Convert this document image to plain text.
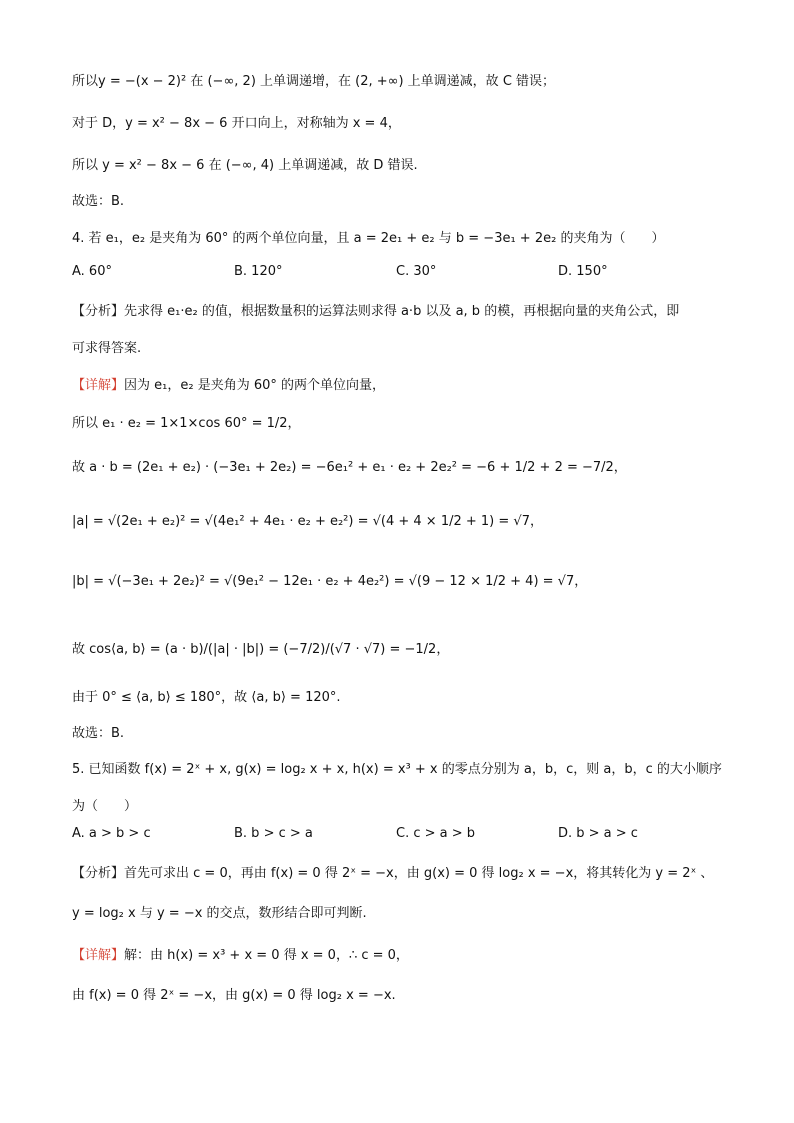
所以y = −(x − 2)² 在 (−∞, 2) 上单调递增，在 (2, +∞) 上单调递减，故 C 错误；
对于 D，y = x² − 8x − 6 开口向上，对称轴为 x = 4，
所以 y = x² − 8x − 6 在 (−∞, 4) 上单调递减，故 D 错误.
故选：B.
4. 若 e₁，e₂ 是夹角为 60° 的两个单位向量，且 a = 2e₁ + e₂ 与 b = −3e₁ + 2e₂ 的夹角为（　　）
A. 60°	B. 120°	C. 30°	D. 150°
【分析】先求得 e₁·e₂ 的值，根据数量积的运算法则求得 a·b 以及 a, b 的模，再根据向量的夹角公式，即
可求得答案.
【详解】因为 e₁，e₂ 是夹角为 60° 的两个单位向量，
所以 e₁ · e₂ = 1×1×cos 60° = 1/2，
故 a · b = (2e₁ + e₂) · (−3e₁ + 2e₂) = −6e₁² + e₁ · e₂ + 2e₂² = −6 + 1/2 + 2 = −7/2，
|a| = √(2e₁ + e₂)² = √(4e₁² + 4e₁ · e₂ + e₂²) = √(4 + 4 × 1/2 + 1) = √7，
|b| = √(−3e₁ + 2e₂)² = √(9e₁² − 12e₁ · e₂ + 4e₂²) = √(9 − 12 × 1/2 + 4) = √7，
故 cos⟨a, b⟩ = (a · b)/(|a| · |b|) = (−7/2)/(√7 · √7) = −1/2，
由于 0° ≤ ⟨a, b⟩ ≤ 180°，故 ⟨a, b⟩ = 120°.
故选：B.
5. 已知函数 f(x) = 2ˣ + x, g(x) = log₂ x + x, h(x) = x³ + x 的零点分别为 a，b，c，则 a，b，c 的大小顺序
为（　　）
A. a > b > c	B. b > c > a	C. c > a > b	D. b > a > c
【分析】首先可求出 c = 0，再由 f(x) = 0 得 2ˣ = −x，由 g(x) = 0 得 log₂ x = −x，将其转化为 y = 2ˣ 、
y = log₂ x 与 y = −x 的交点，数形结合即可判断.
【详解】解：由 h(x) = x³ + x = 0 得 x = 0，∴ c = 0，
由 f(x) = 0 得 2ˣ = −x，由 g(x) = 0 得 log₂ x = −x.
